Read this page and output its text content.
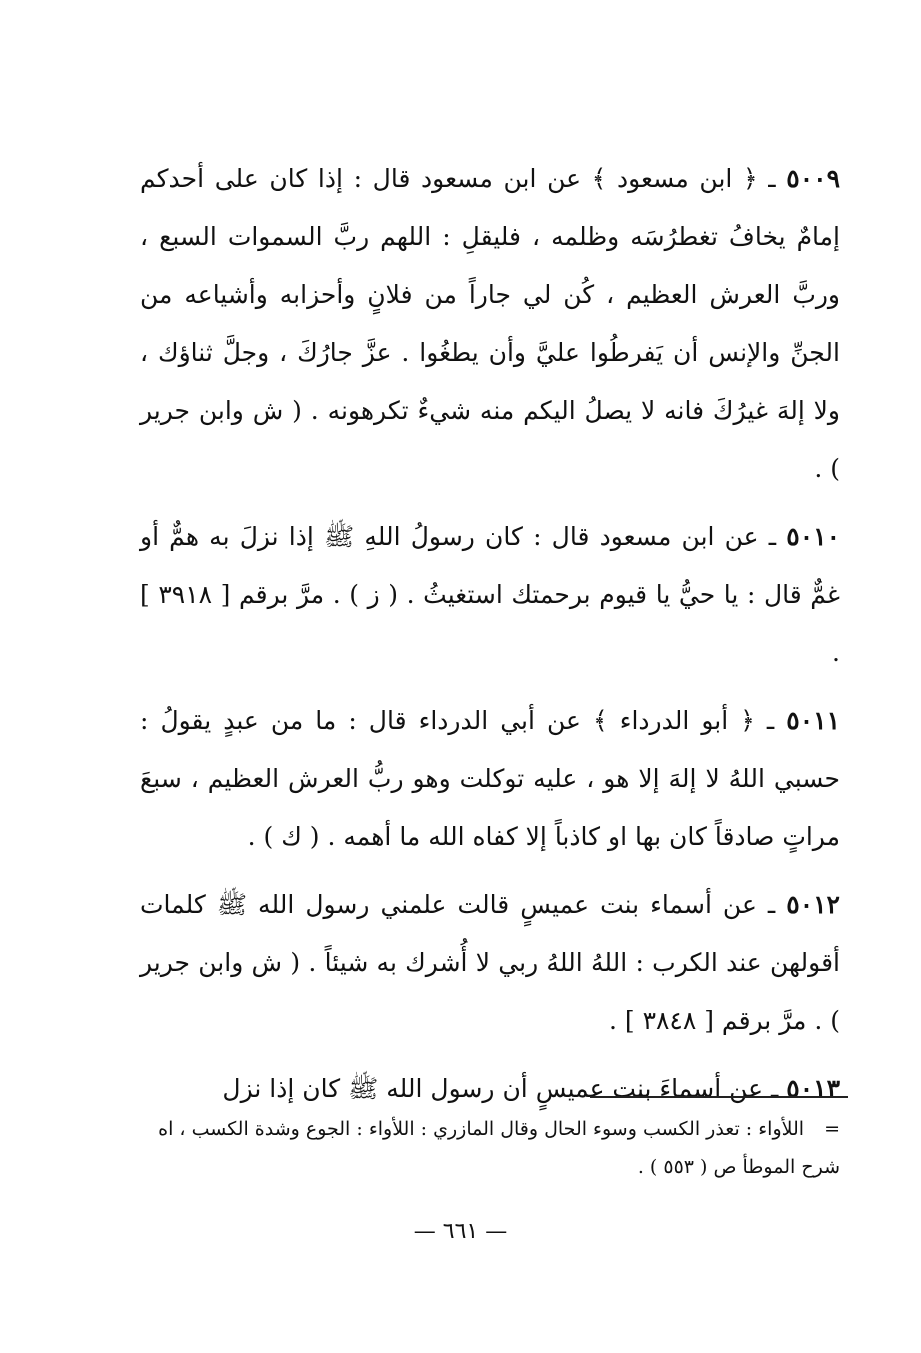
٥٠٠٩ ـ ﴿ ابن مسعود ﴾ عن ابن مسعود قال : إذا كان على أحدكم إمامٌ يخافُ تغطرُسَه وظلمه ، فليقلِ : اللهم ربَّ السموات السبع ، وربَّ العرش العظيم ، كُن لي جاراً من فلانٍ وأحزابه وأشياعه من الجنِّ والإنس أن يَفرطُوا عليَّ وأن يطغُوا . عزَّ جارُكَ ، وجلَّ ثناؤك ، ولا إلهَ غيرُكَ فانه لا يصلُ اليكم منه شيءٌ تكرهونه . ( ش وابن جرير ) .

٥٠١٠ ـ عن ابن مسعود قال : كان رسولُ اللهِ ﷺ إذا نزلَ به همٌّ أو غمٌّ قال : يا حيُّ يا قيوم برحمتك استغيثُ . ( ز ) . مرَّ برقم [ ٣٩١٨ ] .

٥٠١١ ـ ﴿ أبو الدرداء ﴾ عن أبي الدرداء قال : ما من عبدٍ يقولُ : حسبي اللهُ لا إلهَ إلا هو ، عليه توكلت وهو ربُّ العرش العظيم ، سبعَ مراتٍ صادقاً كان بها او كاذباً إلا كفاه الله ما أهمه . ( ك ) .

٥٠١٢ ـ عن أسماء بنت عميسٍ قالت علمني رسول الله ﷺ كلمات أقولهن عند الكرب : اللهُ اللهُ ربي لا أُشرك به شيئاً . ( ش وابن جرير ) . مرَّ برقم [ ٣٨٤٨ ] .

٥٠١٣ ـ عن أسماءَ بنت عميسٍ أن رسول الله ﷺ كان إذا نزل

= اللأواء : تعذر الكسب وسوء الحال وقال المازري : اللأواء : الجوع وشدة الكسب ، اه شرح الموطأ ص ( ٥٥٣ ) .
— ٦٦١ —
